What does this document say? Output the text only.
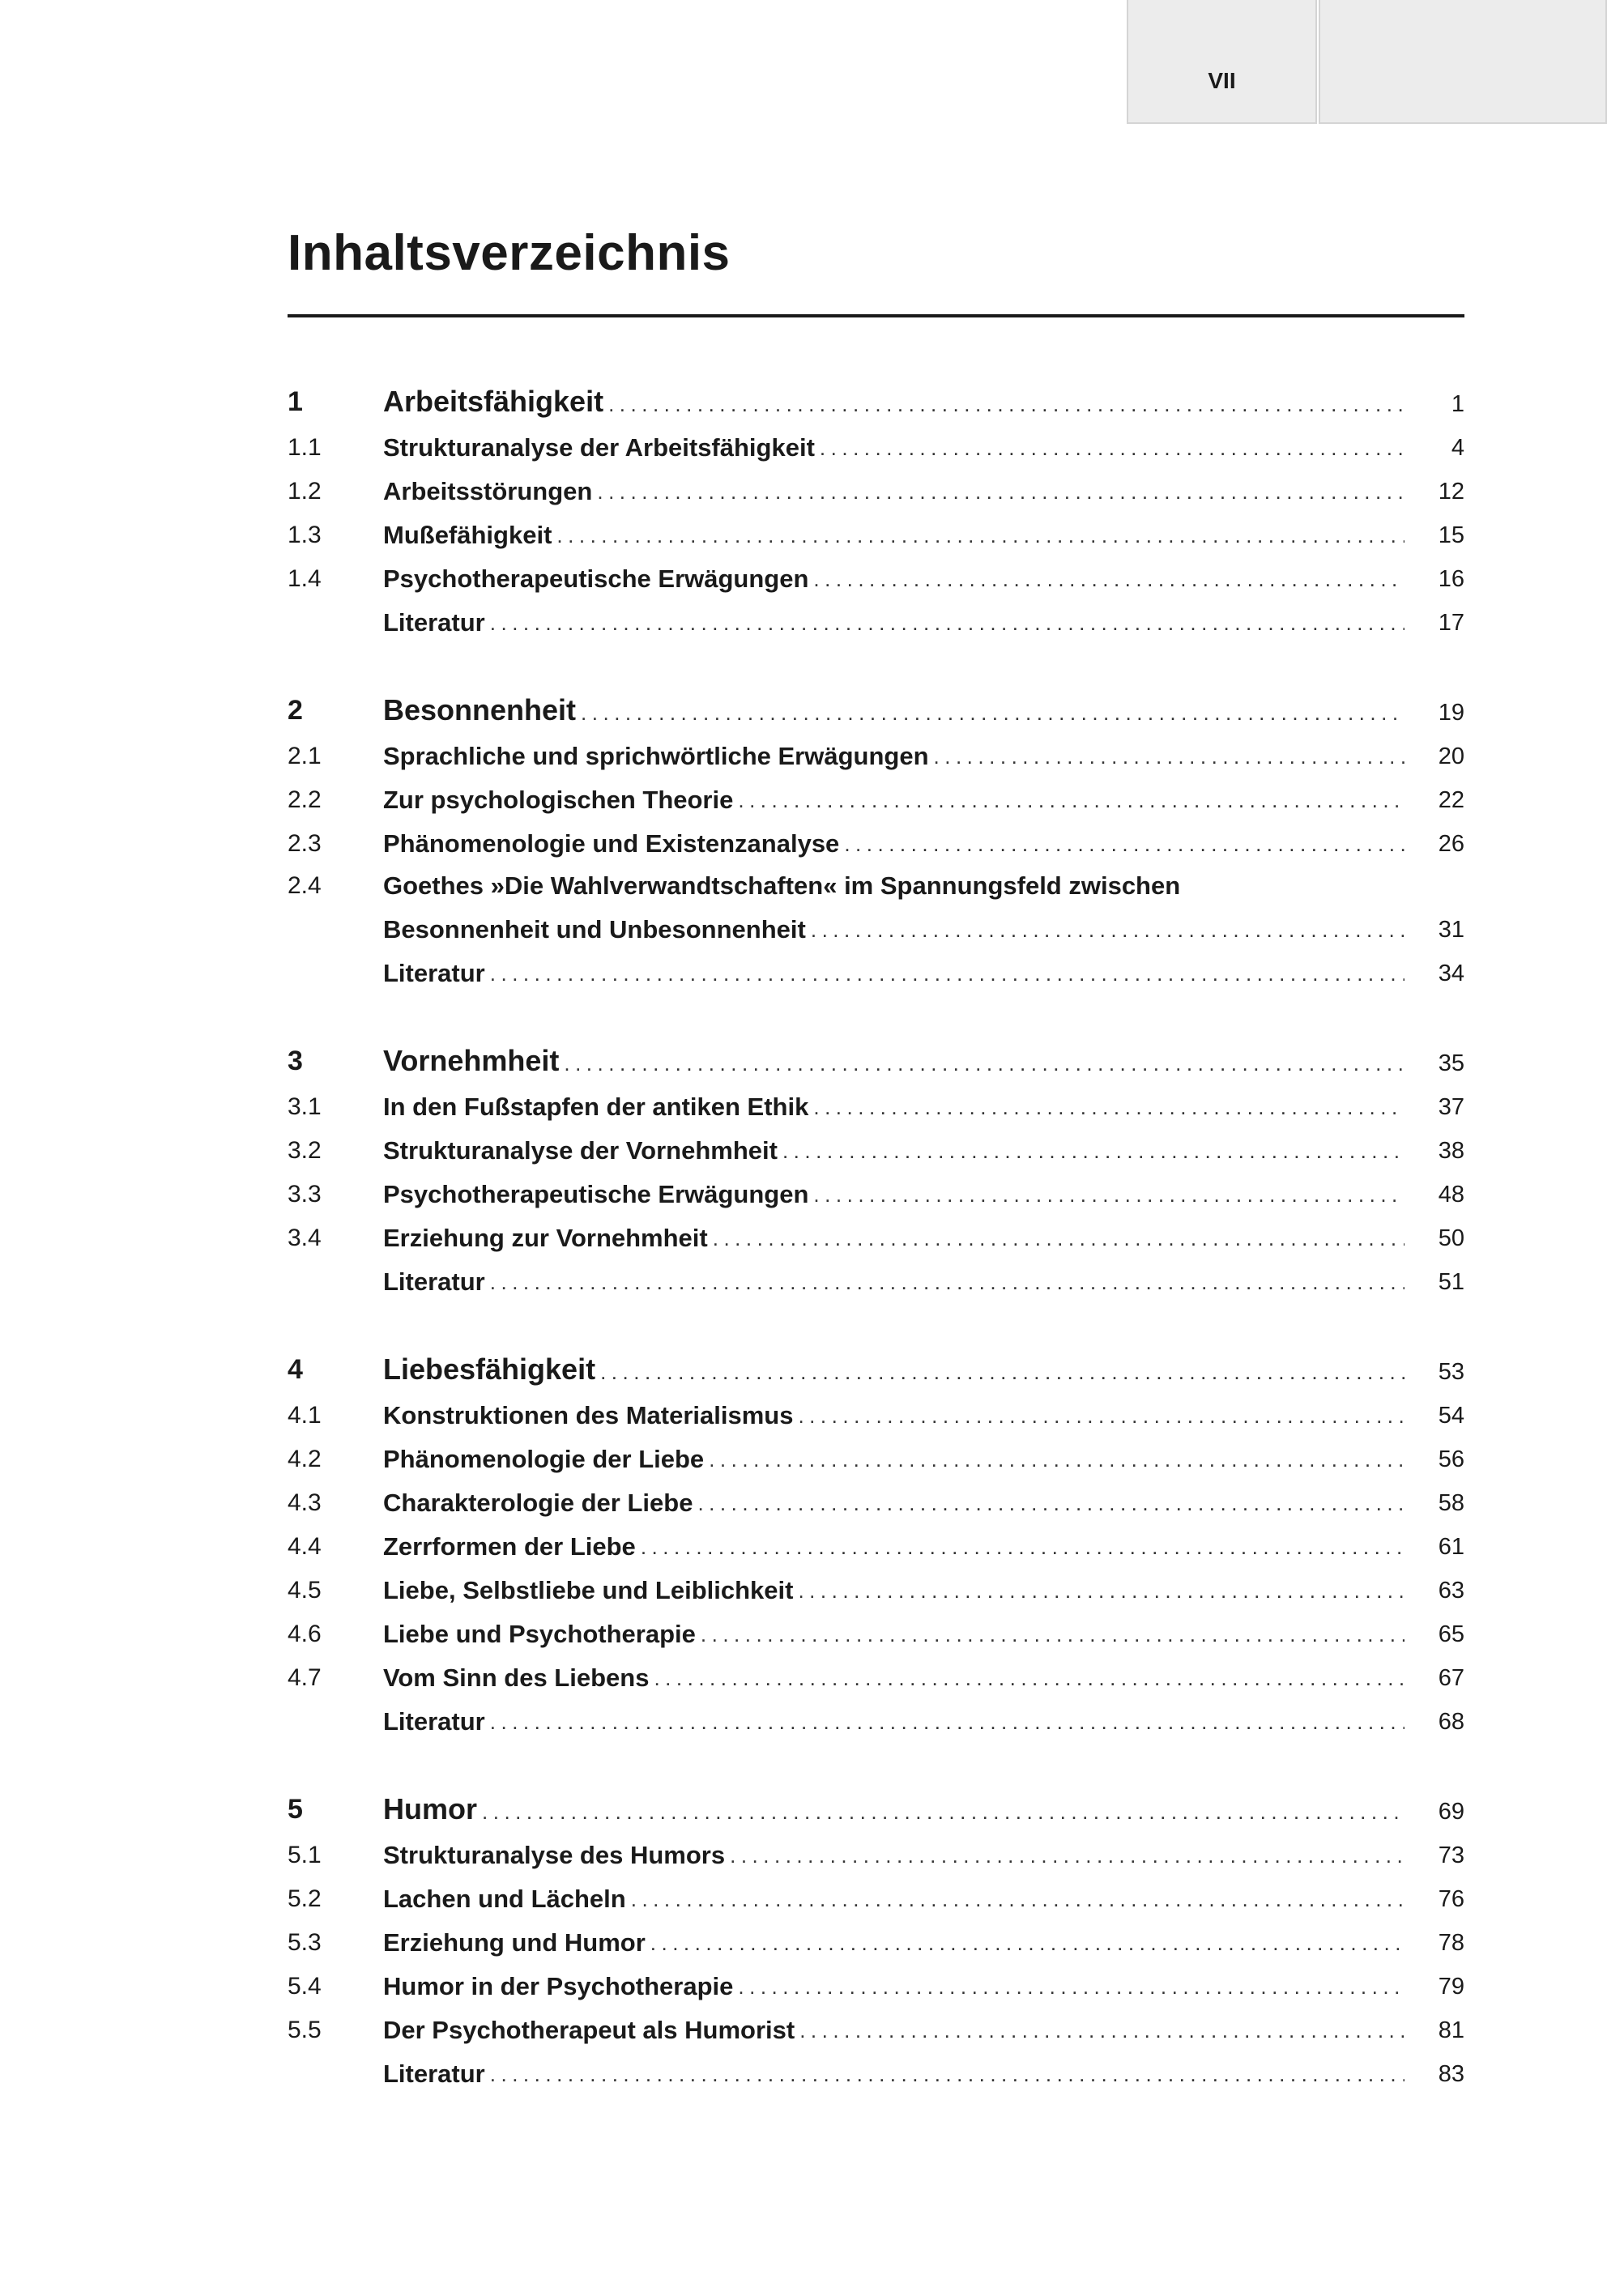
VII
Inhaltsverzeichnis
1	Arbeitsfähigkeit .....	1
1.1	Strukturanalyse der Arbeitsfähigkeit .....	4
1.2	Arbeitsstörungen .....	12
1.3	Mußefähigkeit .....	15
1.4	Psychotherapeutische Erwägungen .....	16
Literatur .....	17
2	Besonnenheit .....	19
2.1	Sprachliche und sprichwörtliche Erwägungen .....	20
2.2	Zur psychologischen Theorie .....	22
2.3	Phänomenologie und Existenzanalyse .....	26
2.4	Goethes »Die Wahlverwandtschaften« im Spannungsfeld zwischen
Besonnenheit und Unbesonnenheit .....	31
Literatur .....	34
3	Vornehmheit .....	35
3.1	In den Fußstapfen der antiken Ethik .....	37
3.2	Strukturanalyse der Vornehmheit .....	38
3.3	Psychotherapeutische Erwägungen .....	48
3.4	Erziehung zur Vornehmheit .....	50
Literatur .....	51
4	Liebesfähigkeit .....	53
4.1	Konstruktionen des Materialismus .....	54
4.2	Phänomenologie der Liebe .....	56
4.3	Charakterologie der Liebe .....	58
4.4	Zerrformen der Liebe .....	61
4.5	Liebe, Selbstliebe und Leiblichkeit .....	63
4.6	Liebe und Psychotherapie .....	65
4.7	Vom Sinn des Liebens .....	67
Literatur .....	68
5	Humor .....	69
5.1	Strukturanalyse des Humors .....	73
5.2	Lachen und Lächeln .....	76
5.3	Erziehung und Humor .....	78
5.4	Humor in der Psychotherapie .....	79
5.5	Der Psychotherapeut als Humorist .....	81
Literatur .....	83
